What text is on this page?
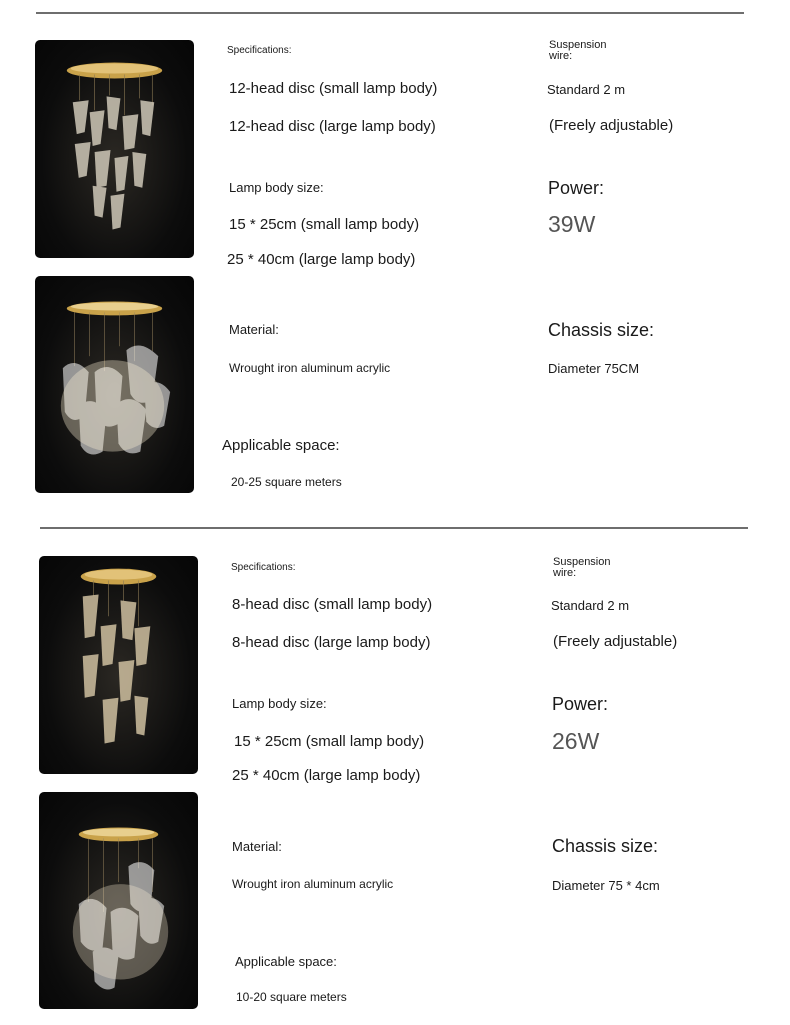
Specifications:
12-head disc (small lamp body)
12-head disc (large lamp body)
Suspension
wire:
Standard 2 m
(Freely adjustable)
Lamp body size:
15 * 25cm (small lamp body)
25 * 40cm (large lamp body)
Power:
39W
Material:
Wrought iron aluminum acrylic
Chassis size:
Diameter 75CM
Applicable space:
20-25 square meters
Specifications:
8-head disc (small lamp body)
8-head disc (large lamp body)
Suspension
wire:
Standard 2 m
(Freely adjustable)
Lamp body size:
15 * 25cm (small lamp body)
25 * 40cm (large lamp body)
Power:
26W
Material:
Wrought iron aluminum acrylic
Chassis size:
Diameter 75 * 4cm
Applicable space:
10-20 square meters
